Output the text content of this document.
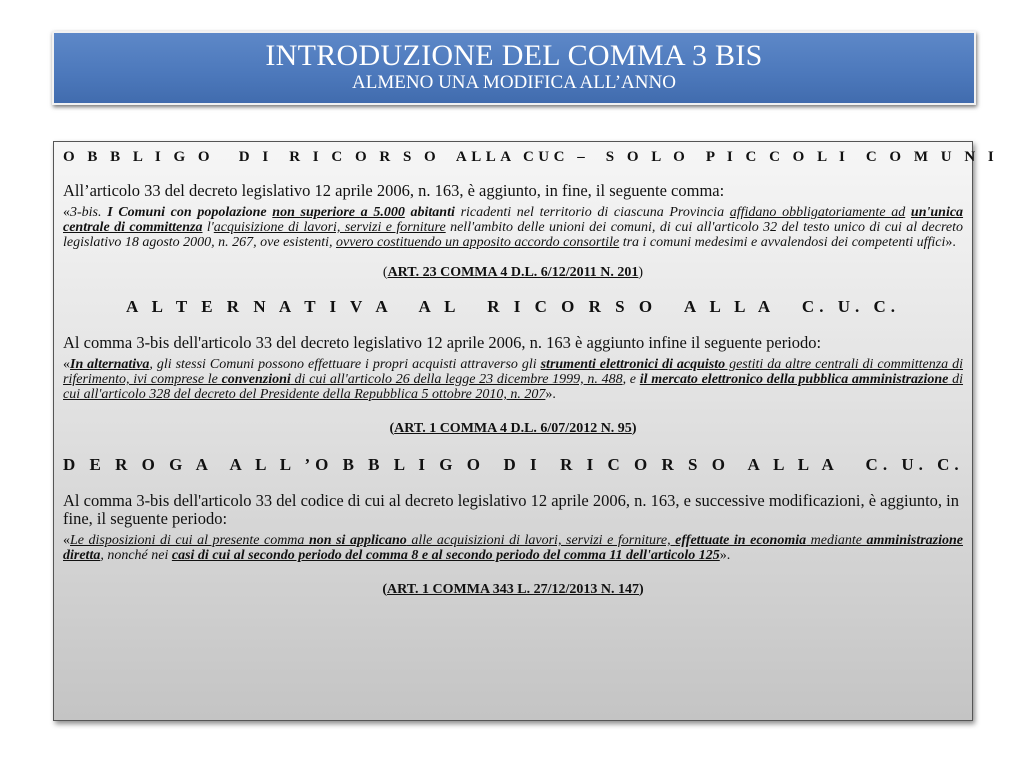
INTRODUZIONE DEL COMMA 3 BIS
ALMENO UNA MODIFICA ALL’ANNO
O B B L I G O   D I  R I C O R S O  ALLA CUC –  S O L O  P I C C O L I  C O M U N I
All’articolo 33 del decreto legislativo 12 aprile 2006, n. 163, è aggiunto, in fine, il seguente comma:
«3-bis. I Comuni con popolazione non superiore a 5.000 abitanti ricadenti nel territorio di ciascuna Provincia affidano obbligatoriamente ad un'unica centrale di committenza l'acquisizione di lavori, servizi e forniture nell'ambito delle unioni dei comuni, di cui all'articolo 32 del testo unico di cui al decreto legislativo 18 agosto 2000, n. 267, ove esistenti, ovvero costituendo un apposito accordo consortile tra i comuni medesimi e avvalendosi dei competenti uffici».
(ART. 23 COMMA 4 D.L. 6/12/2011 N. 201)
A L T E R N A T I V A   A L   R I C O R S O   A L L A   C. U. C.
Al comma 3-bis dell'articolo 33 del decreto legislativo 12 aprile 2006, n. 163 è aggiunto infine il seguente periodo:
«In alternativa, gli stessi Comuni possono effettuare i propri acquisti attraverso gli strumenti elettronici di acquisto gestiti da altre centrali di committenza di riferimento, ivi comprese le convenzioni di cui all'articolo 26 della legge 23 dicembre 1999, n. 488, e il mercato elettronico della pubblica amministrazione di cui all'articolo 328 del decreto del Presidente della Repubblica 5 ottobre 2010, n. 207».
(ART. 1 COMMA 4 D.L. 6/07/2012 N. 95)
D E R O G A  A L L ’O B B L I G O  D I  R I C O R S O  A L L A   C. U. C.
Al comma 3-bis dell'articolo 33 del codice di cui al decreto legislativo 12 aprile 2006, n. 163, e successive modificazioni, è aggiunto, in fine, il seguente periodo:
«Le disposizioni di cui al presente comma non si applicano alle acquisizioni di lavori, servizi e forniture, effettuate in economia mediante amministrazione diretta, nonché nei casi di cui al secondo periodo del comma 8 e al secondo periodo del comma 11 dell'articolo 125».
(ART. 1 COMMA 343 L. 27/12/2013 N. 147)
